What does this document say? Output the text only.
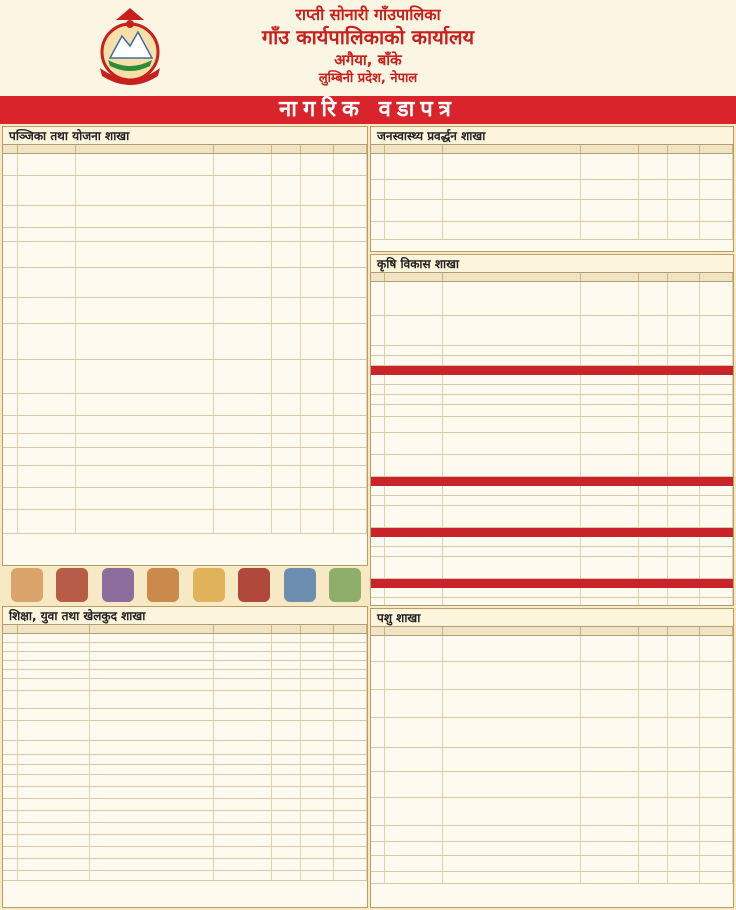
राप्ती सोनारी गाँउपालिका
गाँउ कार्यपालिकाको कार्यालय
अगैया, बाँके
लुम्बिनी प्रदेश, नेपाल
नागरिक वडापत्र
पञ्जिका तथा योजना शाखा
शिक्षा, युवा तथा खेलकुद शाखा
जनस्वास्थ्य प्रवर्द्धन शाखा
कृषि विकास शाखा
पशु शाखा
